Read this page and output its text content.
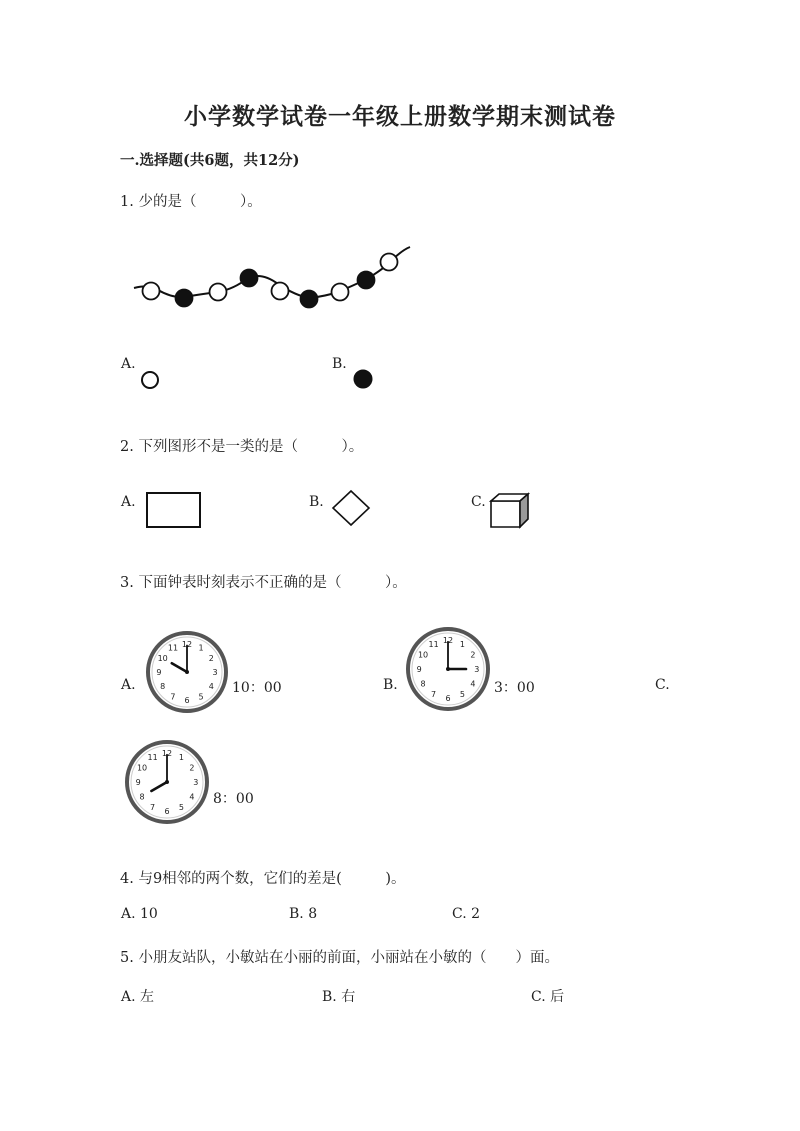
小学数学试卷一年级上册数学期末测试卷
一.选择题(共6题，共12分)
1. 少的是（　　　）。
A.	B.
2. 下列图形不是一类的是（　　　）。
A.	B.	C.
3. 下面钟表时刻表示不正确的是（　　　）。
A.
12 1
2
3
4
5
6
7
8
9
10
11
10：00	B.
12 1
2
3
4
5
6
7
8
9
10
11
3：00	C.
12 1
2
3
4
5
6
7
8
9
10
11
8：00
4. 与9相邻的两个数，它们的差是(　　　)。
A. 10	B. 8	C. 2
5. 小朋友站队，小敏站在小丽的前面，小丽站在小敏的（　　）面。
A. 左	B. 右	C. 后
